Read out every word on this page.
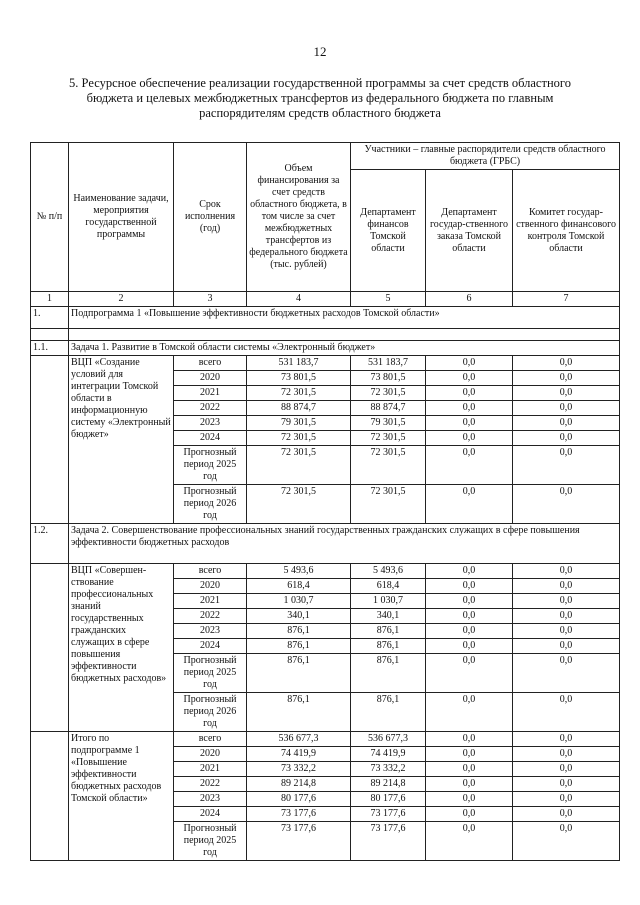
12
5. Ресурсное обеспечение реализации государственной программы за счет средств областного бюджета и целевых межбюджетных трансфертов из федерального бюджета по главным распорядителям средств областного бюджета
№ п/п	Наименование задачи, мероприятия государственной программы	Срок исполнения (год)	Объем финансирования за счет средств областного бюджета, в том числе за счет межбюджетных трансфертов из федерального бюджета (тыс. рублей)	Участники – главные распорядители средств областного бюджета (ГРБС)		
				Департамент финансов Томской области	Департамент государ-ственного заказа Томской области	Комитет государ-ственного финансового контроля Томской области
1	2	3	4	5	6	7
1.	Подпрограмма 1 «Повышение эффективности бюджетных расходов Томской области»					

1.1.	Задача 1. Развитие в Томской области системы «Электронный бюджет»					
	ВЦП «Создание условий для интеграции Томской области в информационную систему «Электронный бюджет»	всего	531 183,7	531 183,7	0,0	0,0
		2020	73 801,5	73 801,5	0,0	0,0
		2021	72 301,5	72 301,5	0,0	0,0
		2022	88 874,7	88 874,7	0,0	0,0
		2023	79 301,5	79 301,5	0,0	0,0
		2024	72 301,5	72 301,5	0,0	0,0
		Прогнозный период 2025 год	72 301,5	72 301,5	0,0	0,0
		Прогнозный период 2026 год	72 301,5	72 301,5	0,0	0,0
1.2.	Задача 2. Совершенствование профессиональных знаний государственных гражданских служащих в сфере повышения эффективности бюджетных расходов					
	ВЦП «Совершен-ствование профессиональных знаний государственных гражданских служащих в сфере повышения эффективности бюджетных расходов»	всего	5 493,6	5 493,6	0,0	0,0
		2020	618,4	618,4	0,0	0,0
		2021	1 030,7	1 030,7	0,0	0,0
		2022	340,1	340,1	0,0	0,0
		2023	876,1	876,1	0,0	0,0
		2024	876,1	876,1	0,0	0,0
		Прогнозный период 2025 год	876,1	876,1	0,0	0,0
		Прогнозный период 2026 год	876,1	876,1	0,0	0,0
	Итого по подпрограмме 1 «Повышение эффективности бюджетных расходов Томской области»	всего	536 677,3	536 677,3	0,0	0,0
		2020	74 419,9	74 419,9	0,0	0,0
		2021	73 332,2	73 332,2	0,0	0,0
		2022	89 214,8	89 214,8	0,0	0,0
		2023	80 177,6	80 177,6	0,0	0,0
		2024	73 177,6	73 177,6	0,0	0,0
		Прогнозный период 2025 год	73 177,6	73 177,6	0,0	0,0
